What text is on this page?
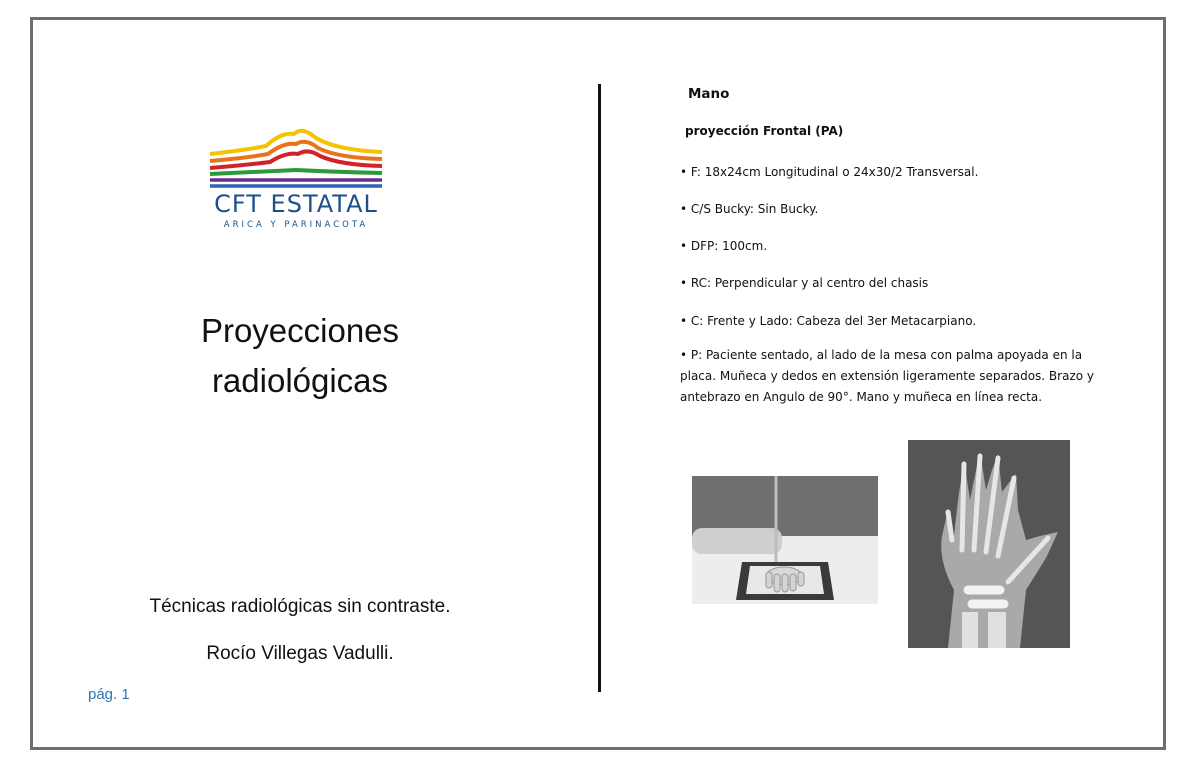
CFT ESTATAL
ARICA Y PARINACOTA
Proyecciones
radiológicas
Técnicas radiológicas sin contraste.
Rocío Villegas Vadulli.
pág. 1
Mano
proyección Frontal (PA)
• F: 18x24cm Longitudinal o 24x30/2 Transversal.
• C/S Bucky: Sin Bucky.
• DFP: 100cm.
• RC: Perpendicular y al centro del chasis
• C: Frente y Lado: Cabeza del 3er Metacarpiano.
• P: Paciente sentado, al lado de la mesa con palma apoyada en la placa. Muñeca y dedos en extensión ligeramente separados. Brazo y antebrazo en Angulo de 90°. Mano y muñeca en línea recta.
